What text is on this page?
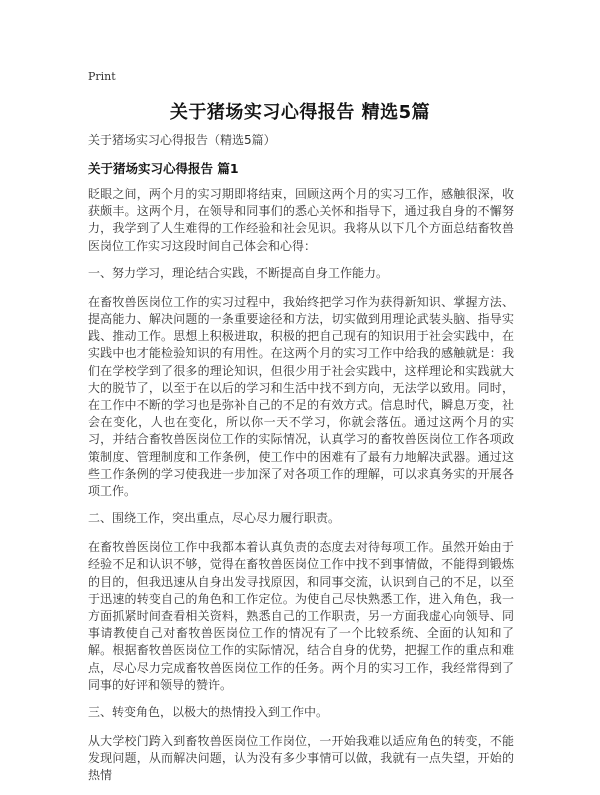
Print
关于猪场实习心得报告 精选5篇
关于猪场实习心得报告（精选5篇）
关于猪场实习心得报告 篇1

眨眼之间，两个月的实习期即将结束，回顾这两个月的实习工作，感触很深，收获颇丰。这两个月，在领导和同事们的悉心关怀和指导下，通过我自身的不懈努力，我学到了人生难得的工作经验和社会见识。我将从以下几个方面总结畜牧兽医岗位工作实习这段时间自己体会和心得：

一、努力学习，理论结合实践，不断提高自身工作能力。

在畜牧兽医岗位工作的实习过程中，我始终把学习作为获得新知识、掌握方法、提高能力、解决问题的一条重要途径和方法，切实做到用理论武装头脑、指导实践、推动工作。思想上积极进取，积极的把自己现有的知识用于社会实践中，在实践中也才能检验知识的有用性。在这两个月的实习工作中给我的感触就是：我们在学校学到了很多的理论知识，但很少用于社会实践中，这样理论和实践就大大的脱节了，以至于在以后的学习和生活中找不到方向，无法学以致用。同时，在工作中不断的学习也是弥补自己的不足的有效方式。信息时代，瞬息万变，社会在变化，人也在变化，所以你一天不学习，你就会落伍。通过这两个月的实习，并结合畜牧兽医岗位工作的实际情况，认真学习的畜牧兽医岗位工作各项政策制度、管理制度和工作条例，使工作中的困难有了最有力地解决武器。通过这些工作条例的学习使我进一步加深了对各项工作的理解，可以求真务实的开展各项工作。

二、围绕工作，突出重点，尽心尽力履行职责。

在畜牧兽医岗位工作中我都本着认真负责的态度去对待每项工作。虽然开始由于经验不足和认识不够，觉得在畜牧兽医岗位工作中找不到事情做，不能得到锻炼的目的，但我迅速从自身出发寻找原因，和同事交流，认识到自己的不足，以至于迅速的转变自己的角色和工作定位。为使自己尽快熟悉工作，进入角色，我一方面抓紧时间查看相关资料，熟悉自己的工作职责，另一方面我虚心向领导、同事请教使自己对畜牧兽医岗位工作的情况有了一个比较系统、全面的认知和了解。根据畜牧兽医岗位工作的实际情况，结合自身的优势，把握工作的重点和难点，尽心尽力完成畜牧兽医岗位工作的任务。两个月的实习工作，我经常得到了同事的好评和领导的赞许。

三、转变角色，以极大的热情投入到工作中。

从大学校门跨入到畜牧兽医岗位工作岗位，一开始我难以适应角色的转变，不能发现问题，从而解决问题，认为没有多少事情可以做，我就有一点失望，开始的热情
